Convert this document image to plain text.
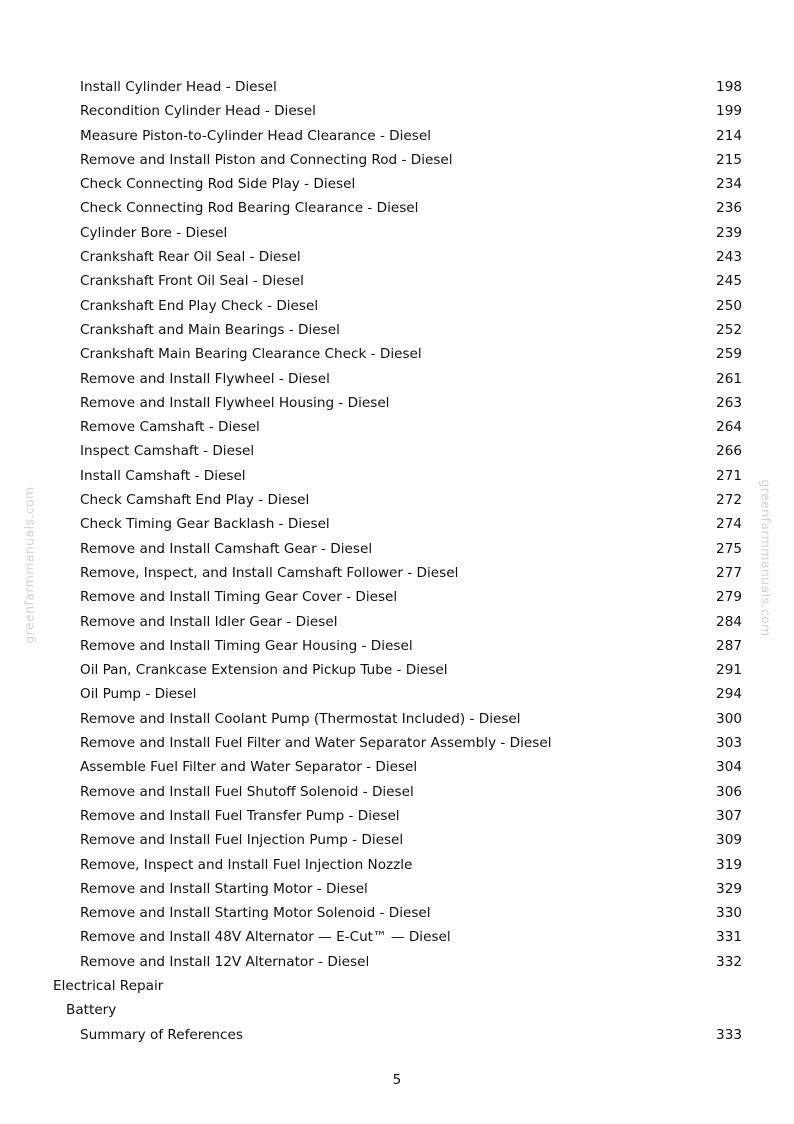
greenfarmmanuals.com	greenfarmmanuals.com
Install Cylinder Head - Diesel	198
Recondition Cylinder Head - Diesel	199
Measure Piston-to-Cylinder Head Clearance - Diesel	214
Remove and Install Piston and Connecting Rod - Diesel	215
Check Connecting Rod Side Play - Diesel	234
Check Connecting Rod Bearing Clearance - Diesel	236
Cylinder Bore - Diesel	239
Crankshaft Rear Oil Seal - Diesel	243
Crankshaft Front Oil Seal - Diesel	245
Crankshaft End Play Check - Diesel	250
Crankshaft and Main Bearings - Diesel	252
Crankshaft Main Bearing Clearance Check - Diesel	259
Remove and Install Flywheel - Diesel	261
Remove and Install Flywheel Housing - Diesel	263
Remove Camshaft - Diesel	264
Inspect Camshaft - Diesel	266
Install Camshaft - Diesel	271
Check Camshaft End Play - Diesel	272
Check Timing Gear Backlash - Diesel	274
Remove and Install Camshaft Gear - Diesel	275
Remove, Inspect, and Install Camshaft Follower - Diesel	277
Remove and Install Timing Gear Cover - Diesel	279
Remove and Install Idler Gear - Diesel	284
Remove and Install Timing Gear Housing - Diesel	287
Oil Pan, Crankcase Extension and Pickup Tube - Diesel	291
Oil Pump - Diesel	294
Remove and Install Coolant Pump (Thermostat Included) - Diesel	300
Remove and Install Fuel Filter and Water Separator Assembly - Diesel	303
Assemble Fuel Filter and Water Separator - Diesel	304
Remove and Install Fuel Shutoff Solenoid - Diesel	306
Remove and Install Fuel Transfer Pump - Diesel	307
Remove and Install Fuel Injection Pump - Diesel	309
Remove, Inspect and Install Fuel Injection Nozzle	319
Remove and Install Starting Motor - Diesel	329
Remove and Install Starting Motor Solenoid - Diesel	330
Remove and Install 48V Alternator — E-Cut™ — Diesel	331
Remove and Install 12V Alternator - Diesel	332
Electrical Repair
Battery
Summary of References	333
5
